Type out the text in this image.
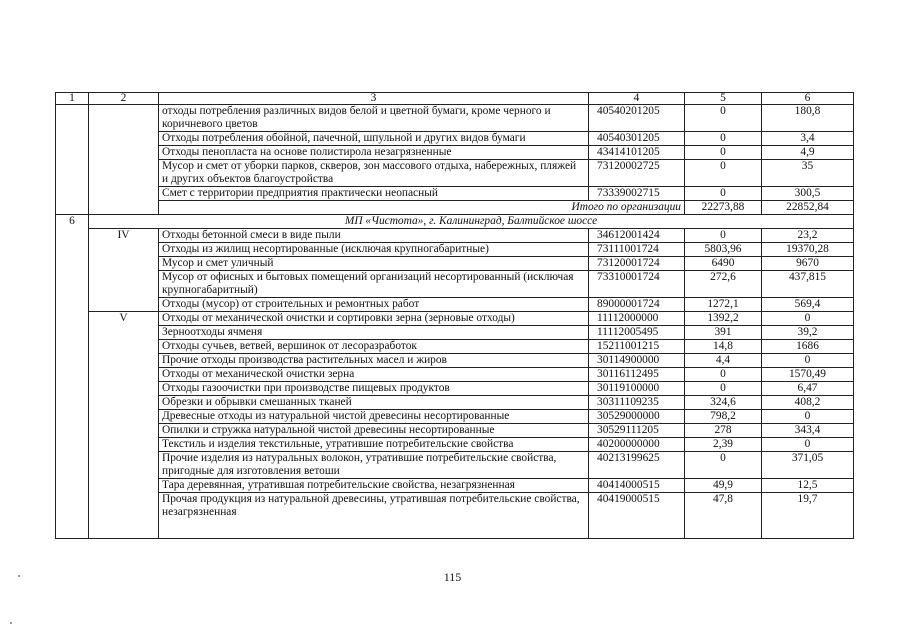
1	2	3	4	5	6
		отходы потребления различных видов белой и цветной бумаги, кроме черного и коричневого цветов	40540201205	0	180,8
		Отходы потребления обойной, пачечной, шпульной и других видов бумаги	40540301205	0	3,4
		Отходы пенопласта на основе полистирола незагрязненные	43414101205	0	4,9
		Мусор и смет от уборки парков, скверов, зон массового отдыха, набережных, пляжей и других объектов благоустройства	73120002725	0	35
		Смет с территории предприятия практически неопасный	73339002715	0	300,5
		Итого по организации		22273,88	22852,84
6	МП «Чистота», г. Калининград, Балтийское шоссе				
	IV	Отходы бетонной смеси в виде пыли	34612001424	0	23,2
		Отходы из жилищ несортированные (исключая крупногабаритные)	73111001724	5803,96	19370,28
		Мусор и смет уличный	73120001724	6490	9670
		Мусор от офисных и бытовых помещений организаций несортированный (исключая крупногабаритный)	73310001724	272,6	437,815
		Отходы (мусор) от строительных и ремонтных работ	89000001724	1272,1	569,4
	V	Отходы от механической очистки и сортировки зерна (зерновые отходы)	11112000000	1392,2	0
		Зерноотходы ячменя	11112005495	391	39,2
		Отходы сучьев, ветвей, вершинок от лесоразработок	15211001215	14,8	1686
		Прочие отходы производства растительных масел и жиров	30114900000	4,4	0
		Отходы от механической очистки зерна	30116112495	0	1570,49
		Отходы газоочистки при производстве пищевых продуктов	30119100000	0	6,47
		Обрезки и обрывки смешанных тканей	30311109235	324,6	408,2
		Древесные отходы из натуральной чистой древесины несортированные	30529000000	798,2	0
		Опилки и стружка натуральной чистой древесины несортированные	30529111205	278	343,4
		Текстиль и изделия текстильные, утратившие потребительские свойства	40200000000	2,39	0
		Прочие изделия из натуральных волокон, утратившие потребительские свойства, пригодные для изготовления ветоши	40213199625	0	371,05
		Тара деревянная, утратившая потребительские свойства, незагрязненная	40414000515	49,9	12,5
		Прочая продукция из натуральной древесины, утратившая потребительские свойства, незагрязненная	40419000515	47,8	19,7
115
